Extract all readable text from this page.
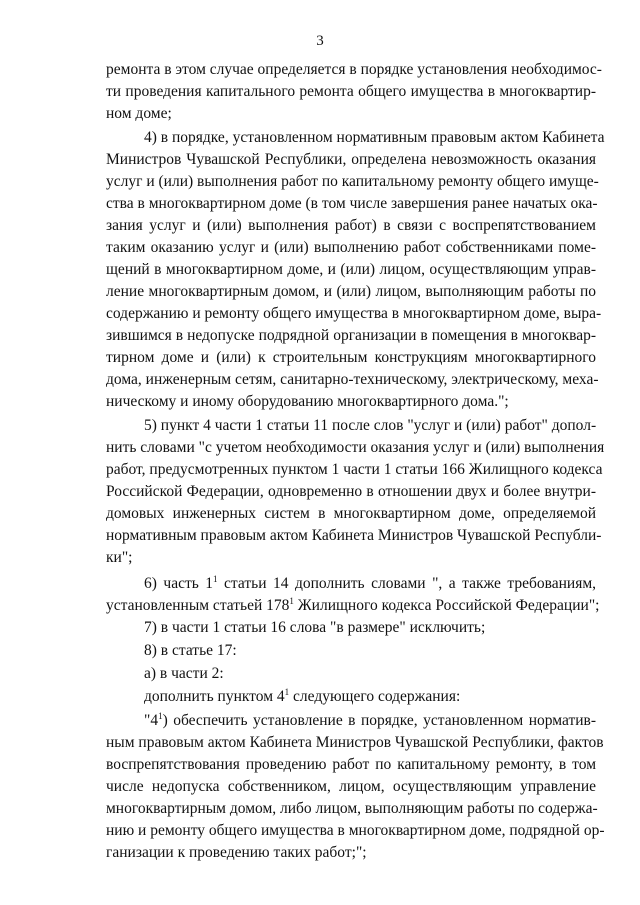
3
ремонта в этом случае определяется в порядке установления необходимос-
ти проведения капитального ремонта общего имущества в многоквартир-
ном доме;
4) в порядке, установленном нормативным правовым актом Кабинета
Министров Чувашской Республики, определена невозможность оказания
услуг и (или) выполнения работ по капитальному ремонту общего имуще-
ства в многоквартирном доме (в том числе завершения ранее начатых ока-
зания услуг и (или) выполнения работ) в связи с воспрепятствованием
таким оказанию услуг и (или) выполнению работ собственниками поме-
щений в многоквартирном доме, и (или) лицом, осуществляющим управ-
ление многоквартирным домом, и (или) лицом, выполняющим работы по
содержанию и ремонту общего имущества в многоквартирном доме, выра-
зившимся в недопуске подрядной организации в помещения в многоквар-
тирном доме и (или) к строительным конструкциям многоквартирного
дома, инженерным сетям, санитарно-техническому, электрическому, меха-
ническому и иному оборудованию многоквартирного дома.";
5) пункт 4 части 1 статьи 11 после слов "услуг и (или) работ" допол-
нить словами "с учетом необходимости оказания услуг и (или) выполнения
работ, предусмотренных пунктом 1 части 1 статьи 166 Жилищного кодекса
Российской Федерации, одновременно в отношении двух и более внутри-
домовых инженерных систем в многоквартирном доме, определяемой
нормативным правовым актом Кабинета Министров Чувашской Республи-
ки";
6) часть $1^1$ статьи 14 дополнить словами ", а также требованиям,
установленным статьей $178^1$ Жилищного кодекса Российской Федерации";
7) в части 1 статьи 16 слова "в размере" исключить;
8) в статье 17:
а) в части 2:
дополнить пунктом $4^1$ следующего содержания:
"$4^1$) обеспечить установление в порядке, установленном норматив-
ным правовым актом Кабинета Министров Чувашской Республики, фактов
воспрепятствования проведению работ по капитальному ремонту, в том
числе недопуска собственником, лицом, осуществляющим управление
многоквартирным домом, либо лицом, выполняющим работы по содержа-
нию и ремонту общего имущества в многоквартирном доме, подрядной ор-
ганизации к проведению таких работ;";
